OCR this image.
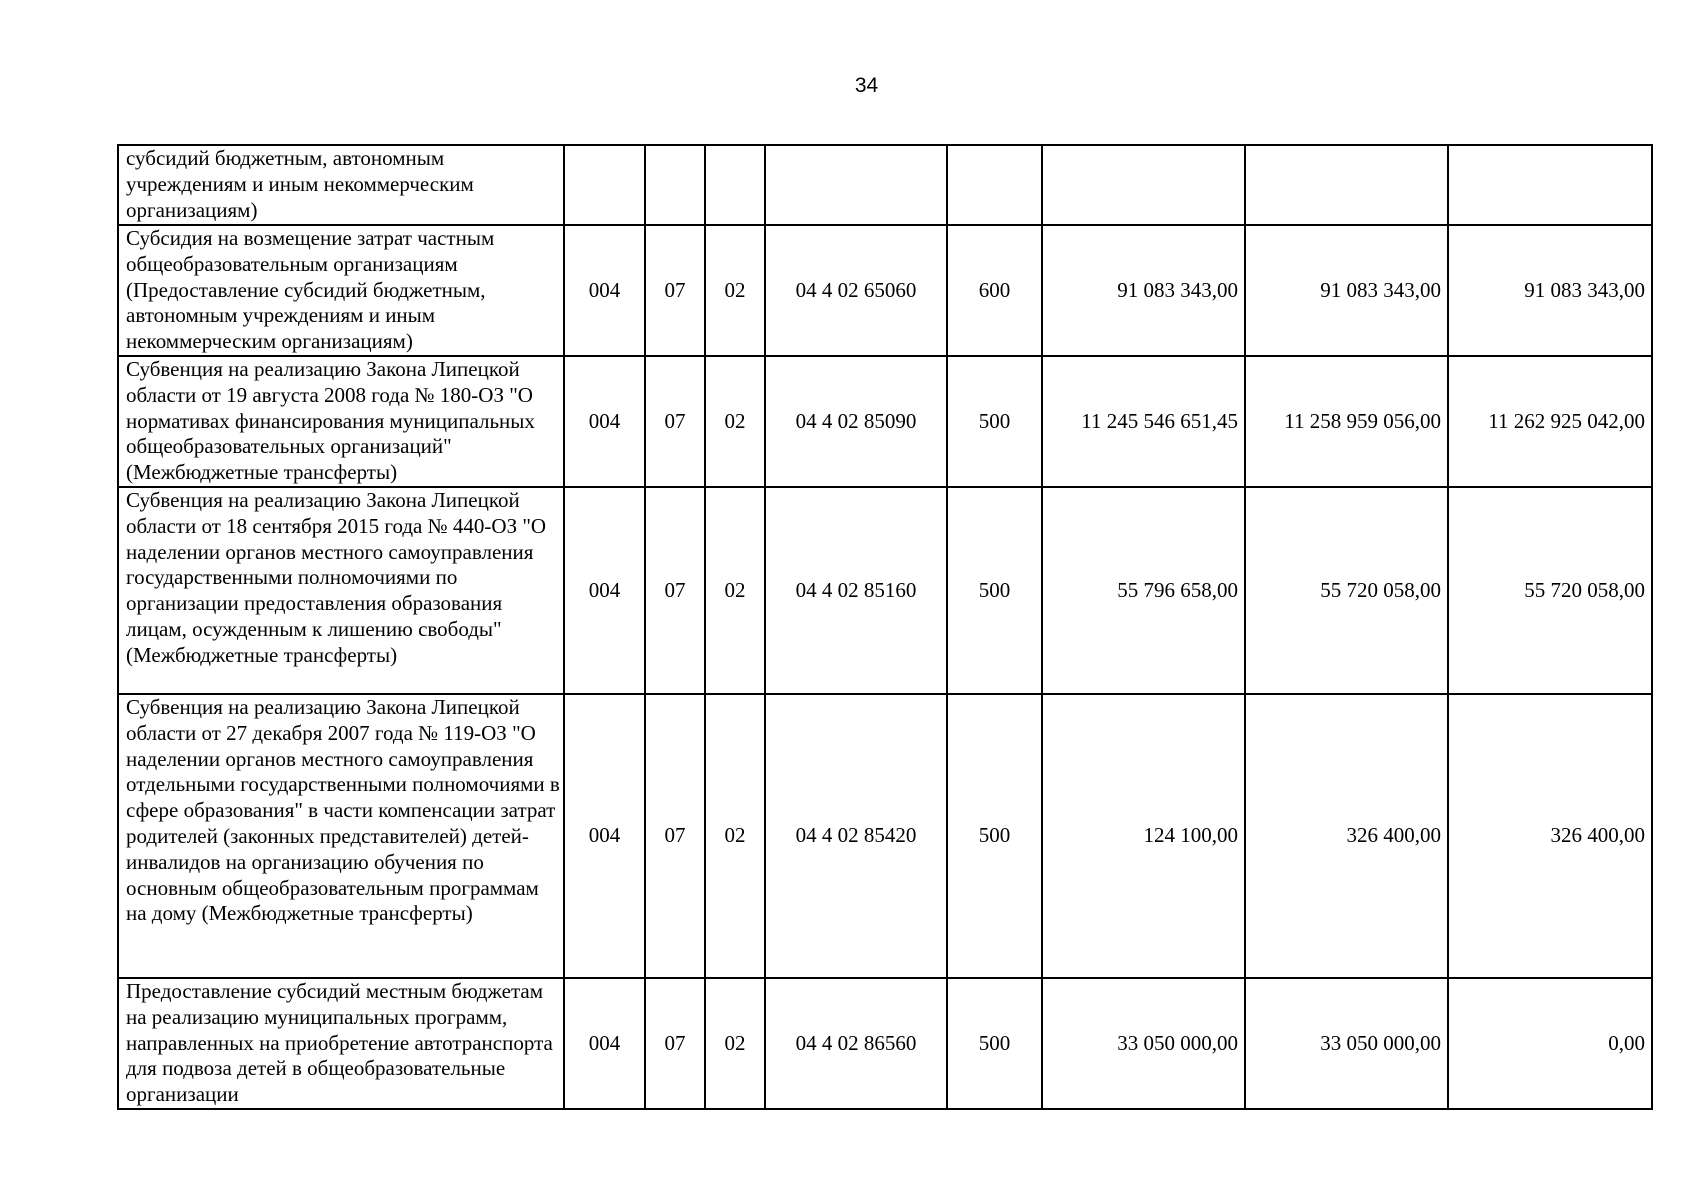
34
субсидий бюджетным, автономным учреждениям и иным некоммерческим организациям)								
Субсидия на возмещение затрат частным общеобразовательным организациям (Предоставление субсидий бюджетным, автономным учреждениям и иным некоммерческим организациям)	004	07	02	04 4 02 65060	600	91 083 343,00	91 083 343,00	91 083 343,00
Субвенция на реализацию Закона Липецкой области от 19 августа 2008 года № 180-ОЗ "О нормативах финансирования муниципальных общеобразовательных организаций" (Межбюджетные трансферты)	004	07	02	04 4 02 85090	500	11 245 546 651,45	11 258 959 056,00	11 262 925 042,00
Субвенция на реализацию Закона Липецкой области от 18 сентября 2015 года № 440-ОЗ "О наделении органов местного самоуправления государственными полномочиями по организации предоставления образования лицам, осужденным к лишению свободы" (Межбюджетные трансферты)	004	07	02	04 4 02 85160	500	55 796 658,00	55 720 058,00	55 720 058,00
Субвенция на реализацию Закона Липецкой области от 27 декабря 2007 года № 119-ОЗ "О наделении органов местного самоуправления отдельными государственными полномочиями в сфере образования" в части компенсации затрат родителей (законных представителей) детей-инвалидов на организацию обучения по основным общеобразовательным программам на дому (Межбюджетные трансферты)	004	07	02	04 4 02 85420	500	124 100,00	326 400,00	326 400,00
Предоставление субсидий местным бюджетам на реализацию муниципальных программ, направленных на приобретение автотранспорта для подвоза детей в общеобразовательные организации	004	07	02	04 4 02 86560	500	33 050 000,00	33 050 000,00	0,00
